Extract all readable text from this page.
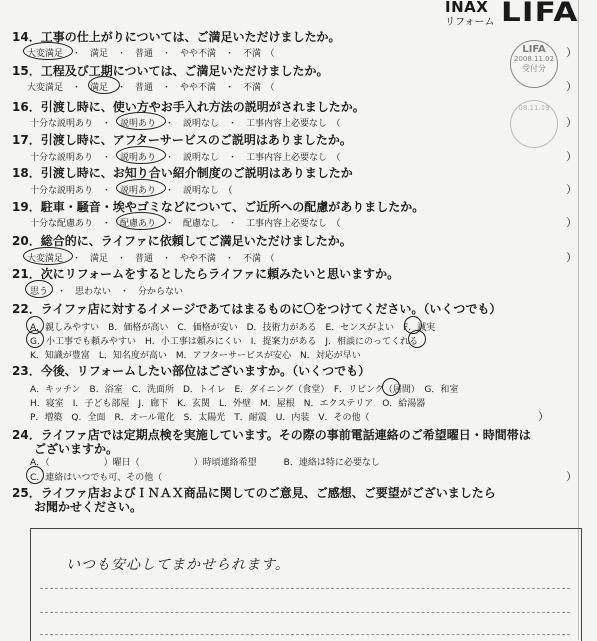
INAX
リフォーム LIFA
LIFA
2008.11.02
受付分
08.11.19
14．工事の仕上がりについては、ご満足いただけましたか。
大変満足　・　満足　・　普通　・　やや不満　・　不満　（	）
15．工程及び工期については、ご満足いただけましたか。
大変満足　・　満足　・　普通　・　やや不満　・　不満　（	）
16．引渡し時に、使い方やお手入れ方法の説明がされましたか。
十分な説明あり　・　説明あり　・　説明なし　・　工事内容上必要なし　（	）
17．引渡し時に、アフターサービスのご説明はありましたか。
十分な説明あり　・　説明あり　・　説明なし　・　工事内容上必要なし　（	）
18．引渡し時に、お知り合い紹介制度のご説明はありましたか
十分な説明あり　・　説明あり　・　説明なし　（	）
19．駐車・騒音・埃やゴミなどについて、ご近所への配慮がありましたか。
十分な配慮あり　・　配慮あり　・　配慮なし　・　工事内容上必要なし　（	）
20．総合的に、ライファに依頼してご満足いただけましたか。
大変満足　・　満足　・　普通　・　やや不満　・　不満　（	）
21．次にリフォームをするとしたらライファに頼みたいと思いますか。
思う　・　思わない　・　分からない
22．ライファ店に対するイメージであてはまるものに〇をつけてください。（いくつでも）
A．親しみやすい　B．価格が高い　C．価格が安い　D．技術力がある　E．センスがよい　F．誠実
G．小工事でも頼みやすい　H．小工事は頼みにくい　I．提案力がある　J．相談にのってくれる
K．知識が豊富　L．知名度が高い　M．アフターサービスが安心　N．対応が早い
23．今後、リフォームしたい部位はございますか。（いくつでも）
A．キッチン　B．浴室　C．洗面所　D．トイレ　E．ダイニング（食堂）　F．リビング（居間）　G．和室
H．寝室　I．子ども部屋　J．廊下　K．玄関　L．外壁　M．屋根　N．エクステリア　O．給湯器
P．増築　Q．全面　R．オール電化　S．太陽光　T．耐震　U．内装　V．その他（	）
24．ライファ店では定期点検を実施しています。その際の事前電話連絡のご希望曜日・時間帯は
ございますか。
A．（　　　　　　）曜日（　　　　　　）時頃連絡希望　　　B．連絡は特に必要なし
C．連絡はいつでも可、その他（	）
25．ライファ店およびＩＮＡＸ商品に関してのご意見、ご感想、ご要望がございましたら
お聞かせください。
いつも安心してまかせられます。
